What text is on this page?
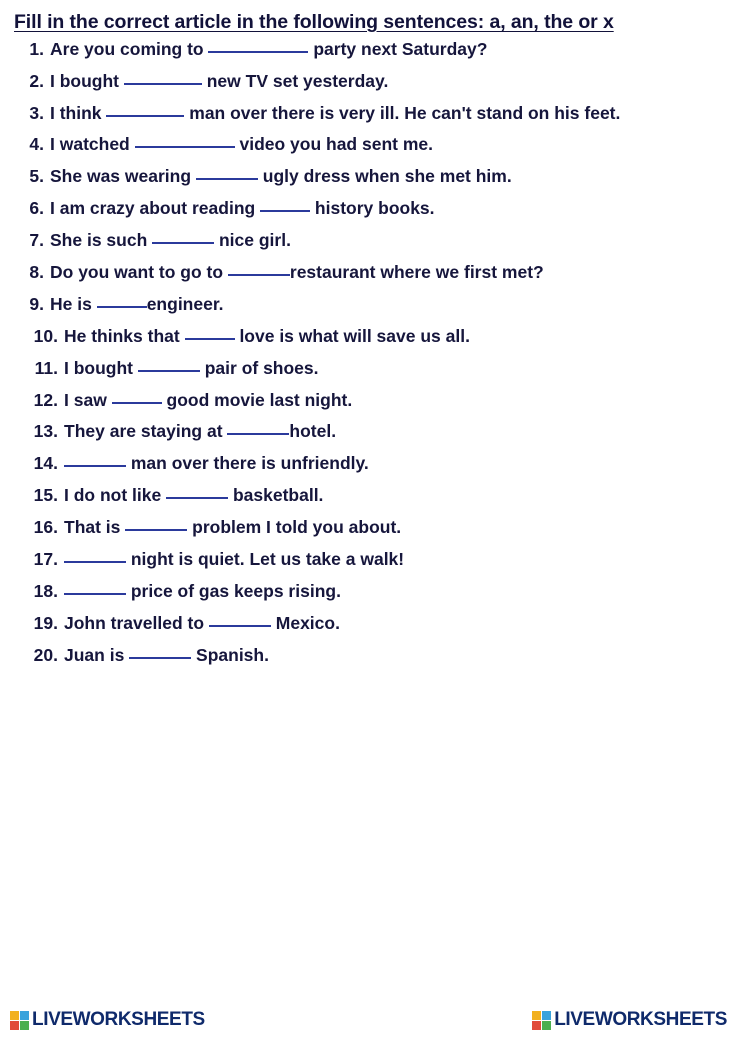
Fill in the correct article in the following sentences: a, an, the or x
1. Are you coming to	party next Saturday?
2. I bought	new TV set yesterday.
3. I think	man over there is very ill. He can't stand on his feet.
4. I watched	video you had sent me.
5. She was wearing	ugly dress when she met him.
6. I am crazy about reading	history books.
7. She is such	nice girl.
8. Do you want to go to	restaurant where we first met?
9. He is	engineer.
10. He thinks that	love is what will save us all.
11. I bought	pair of shoes.
12. I saw	good movie last night.
13. They are staying at	hotel.
14.	man over there is unfriendly.
15. I do not like	basketball.
16. That is	problem I told you about.
17.	night is quiet. Let us take a walk!
18.	price of gas keeps rising.
19. John travelled to	Mexico.
20. Juan is	Spanish.
LIVEWORKSHEETS	LIVEWORKSHEETS
